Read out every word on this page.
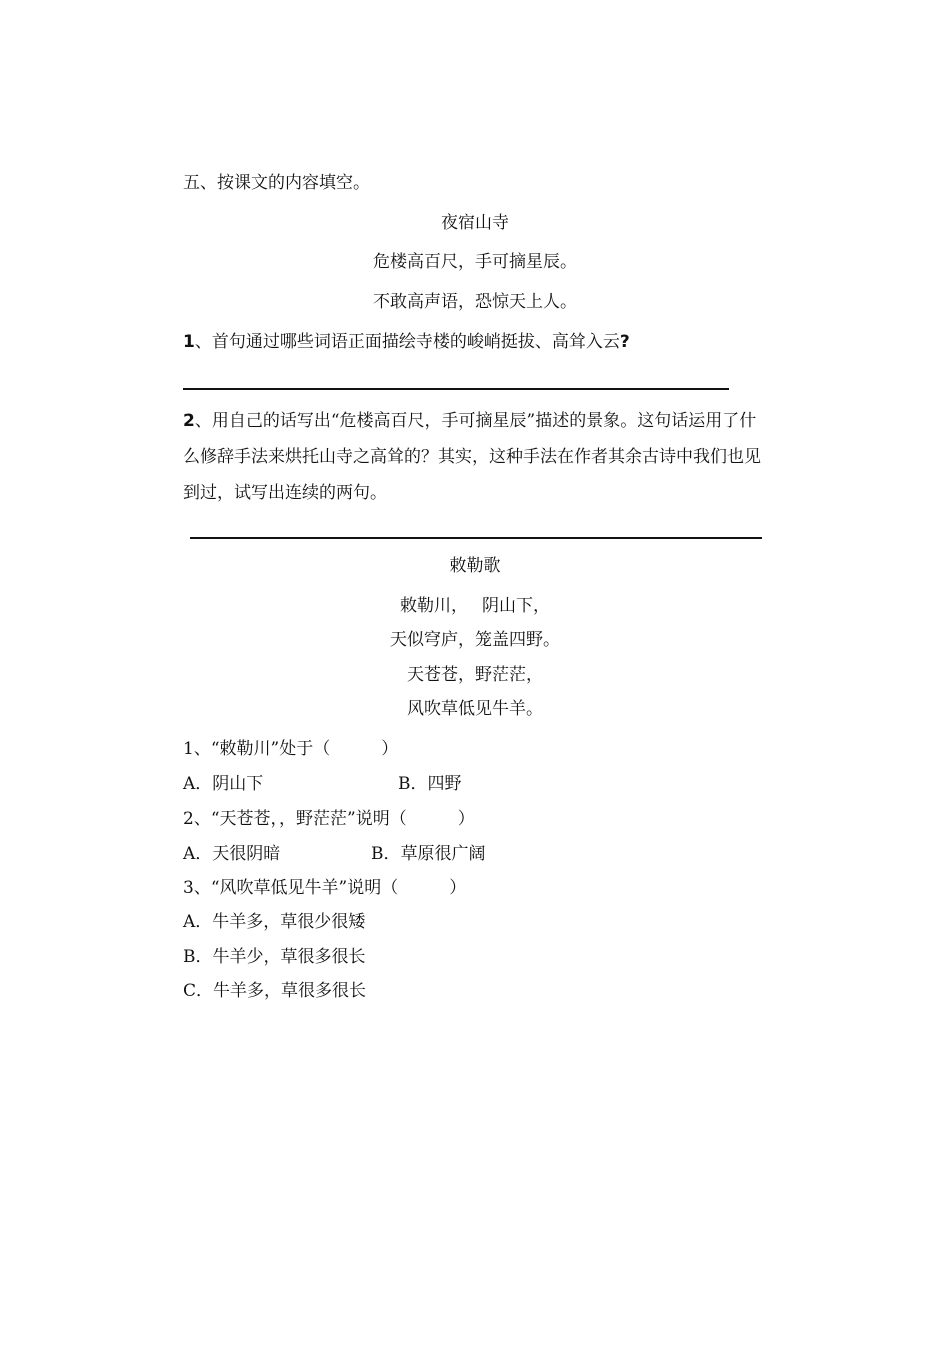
五、按课文的内容填空。
夜宿山寺
危楼高百尺，手可摘星辰。
不敢高声语，恐惊天上人。
1、首句通过哪些词语正面描绘寺楼的峻峭挺拔、高耸入云?
2、用自己的话写出“危楼高百尺，手可摘星辰”描述的景象。这句话运用了什么修辞手法来烘托山寺之高耸的？其实，这种手法在作者其余古诗中我们也见到过，试写出连续的两句。
敕勒歌
敕勒川，　 阴山下，
天似穹庐，笼盖四野。
天苍苍，野茫茫，
风吹草低见牛羊。
1、“敕勒川”处于（　　　）
A．阴山下	B．四野
2、“天苍苍，，野茫茫”说明（　　　）
A．天很阴暗	B．草原很广阔
3、“风吹草低见牛羊”说明（　　　）
A．牛羊多，草很少很矮
B．牛羊少，草很多很长
C．牛羊多，草很多很长
